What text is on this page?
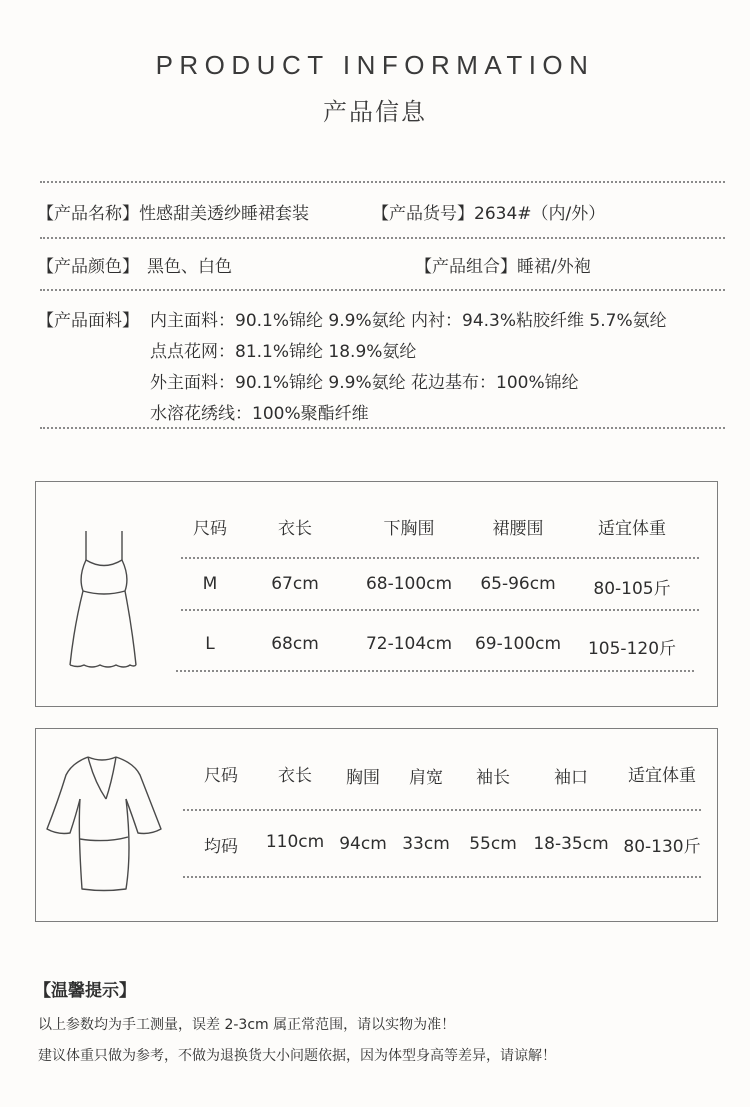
PRODUCT INFORMATION
产品信息
【产品名称】性感甜美透纱睡裙套装	【产品货号】2634#（内/外）
【产品颜色】 黑色、白色	【产品组合】睡裙/外袍
【产品面料】 内主面料：90.1%锦纶 9.9%氨纶 内衬：94.3%粘胶纤维 5.7%氨纶
点点花网：81.1%锦纶 18.9%氨纶
外主面料：90.1%锦纶 9.9%氨纶 花边基布：100%锦纶
水溶花绣线：100%聚酯纤维
尺码	衣长	下胸围	裙腰围	适宜体重
M	67cm	68-100cm 65-96cm 80-105斤
L	68cm	72-104cm 69-100cm 105-120斤
尺码 衣长 胸围 肩宽 袖长	袖口 适宜体重
均码 110cm 94cm 33cm 55cm 18-35cm 80-130斤
【温馨提示】
以上参数均为手工测量，误差 2-3cm 属正常范围，请以实物为准！
建议体重只做为参考，不做为退换货大小问题依据，因为体型身高等差异，请谅解！
